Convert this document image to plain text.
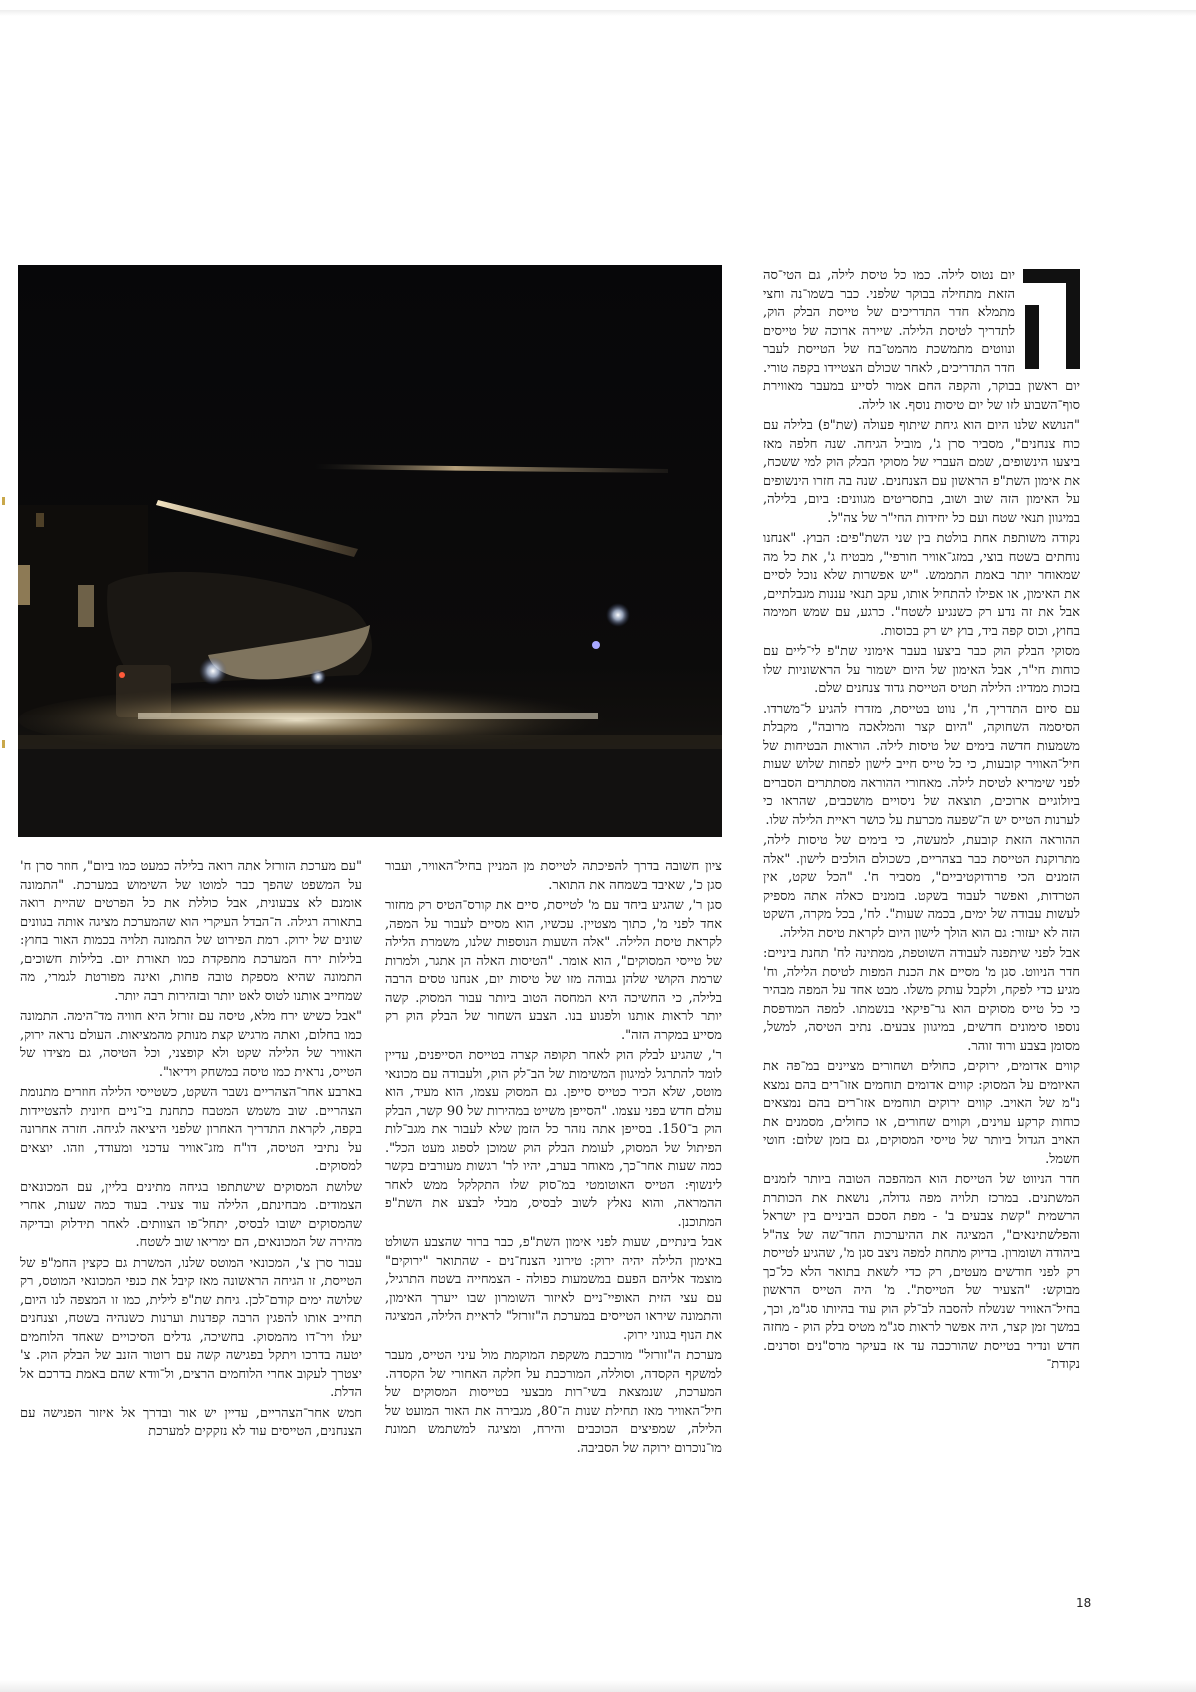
יום נטוס לילה. כמו כל טיסת לילה, גם הטי־סה הזאת מתחילה בבוקר שלפני. כבר בשמו־נה וחצי מתמלא חדר התדריכים של טייסת הבלק הוק, לתדריך לטיסת הלילה. שיירה ארוכה של טייסים ונווטים מתמשכת מהמט־בח של הטייסת לעבר חדר התדריכים, לאחר שכולם הצטיידו בקפה טורי. יום ראשון בבוקר, והקפה החם אמור לסייע במעבר מאווירת סוף־השבוע לזו של יום טיסות נוסף. או לילה.

"הנושא שלנו היום הוא גיחת שיתוף פעולה (שת"פ) בלילה עם כוח צנחנים", מסביר סרן ג', מוביל הגיחה. שנה חלפה מאז ביצעו הינשופים, שמם העברי של מסוקי הבלק הוק למי ששכח, את אימון השת"פ הראשון עם הצנחנים. שנה בה חזרו הינשופים על האימון הזה שוב ושוב, בתסריטים מגוונים: ביום, בלילה, במיגוון תנאי שטח ועם כל יחידות החי"ר של צה"ל.

נקודה משותפת אחת בולטת בין שני השת"פים: הבוץ. "אנחנו נוחתים בשטח בוצי, במזג־אוויר חורפי", מבטיח ג', את כל מה שמאוחר יותר באמת התממש. "יש אפשרות שלא נוכל לסיים את האימון, או אפילו להתחיל אותו, עקב תנאי עננות מגבלתיים, אבל את זה נדע רק כשנגיע לשטח". כרגע, עם שמש חמימה בחוץ, וכוס קפה ביד, בוץ יש רק בכוסות.

מסוקי הבלק הוק כבר ביצעו בעבר אימוני שת"פ לי־ליים עם כוחות חי"ר, אבל האימון של היום ישמור על הראשוניות שלו בזכות ממדיו: הלילה תטיס הטייסת גדוד צנחנים שלם.

עם סיום התדריך, ח', נווט בטייסת, מזדרז להגיע ל־משרדו. הסיסמה השחוקה, "היום קצר והמלאכה מרובה", מקבלת משמעות חדשה בימים של טיסות לילה. הוראות הבטיחות של חיל־האוויר קובעות, כי כל טייס חייב לישון לפחות שלוש שעות לפני שימריא לטיסת לילה. מאחורי ההוראה מסתתרים הסברים ביולוגיים ארוכים, תוצאה של ניסויים מושכבים, שהראו כי לערנות הטייס יש ה־שפעה מכרעת על כושר ראיית הלילה שלו.

ההוראה הזאת קובעת, למעשה, כי בימים של טיסות לילה, מתרוקנת הטייסת כבר בצהריים, כשכולם הולכים לישון. "אלה הזמנים הכי פרודוקטיביים", מסביר ח'. "הכל שקט, אין הטרדות, ואפשר לעבוד בשקט. בזמנים כאלה אתה מספיק לעשות עבודה של ימים, בכמה שעות". לח', בכל מקרה, השקט הזה לא יעזור: גם הוא הולך לישון היום לקראת טיסת הלילה.

אבל לפני שיתפנה לעבודה השוטפת, ממתינה לח' תחנת ביניים: חדר הניווט. סגן מ' מסיים את הכנת המפות לטיסת הלילה, וח' מגיע כדי לפקח, ולקבל עותק משלו. מבט אחד על המפה מבהיר כי כל טייס מסוקים הוא גר־פיקאי בנשמתו. למפה המודפסת נוספו סימונים חדשים, במיגוון צבעים. נתיב הטיסה, למשל, מסומן בצבע ורוד זוהר.

קווים אדומים, ירוקים, כחולים ושחורים מציינים במ־פה את האיומים על המסוק: קווים אדומים תוחמים אזו־רים בהם נמצא נ"מ של האויב. קווים ירוקים תוחמים אזו־רים בהם נמצאים כוחות קרקע עוינים, וקווים שחורים, או כחולים, מסמנים את האויב הגדול ביותר של טייסי המסוקים, גם בזמן שלום: חוטי חשמל.

חדר הניווט של הטייסת הוא המהפכה הטובה ביותר לזמנים המשתנים. במרכז תלויה מפה גדולה, נושאת את הכותרת הרשמית "קשת צבעים ב' - מפת הסכם הביניים בין ישראל והפלשתינאים", המציגה את ההיערכות החד־שה של צה"ל ביהודה ושומרון. בדיוק מתחת למפה ניצב סגן מ', שהגיע לטייסת רק לפני חודשים מעטים, רק כדי לשאת בתואר הלא כל־כך מבוקש: "הצעיר של הטייסת". מ' היה הטייס הראשון בחיל־האוויר שנשלח להסבה לב־לק הוק עוד בהיותו סג"מ, וכך, במשך זמן קצר, היה אפשר לראות סג"מ מטיס בלק הוק - מחזה חדש ונדיר בטייסת שהורכבה עד אז בעיקר מרס"נים וסרנים. נקודת־

ציון חשובה בדרך להפיכתה לטייסת מן המניין בחיל־האוויר, ועבור סגן כ', שאיבד בשמחה את התואר.

סגן ר', שהגיע ביחד עם מ' לטייסת, סיים את קורס־הטיס רק מחזור אחד לפני מ', כתוך מצטיין. עכשיו, הוא מסיים לעבור על המפה, לקראת טיסת הלילה. "אלה השעות הנוספות שלנו, משמרת הלילה של טייסי המסוקים", הוא אומר. "הטיסות האלה הן אתגר, ולמרות שרמת הקושי שלהן גבוהה מזו של טיסות יום, אנחנו טסים הרבה בלילה, כי החשיכה היא המחסה הטוב ביותר עבור המסוק. קשה יותר לראות אותנו ולפגוע בנו. הצבע השחור של הבלק הוק רק מסייע במקרה הזה".

ר', שהגיע לבלק הוק לאחר תקופה קצרה בטייסת הסייפנים, עדיין לומד להתרגל למיגוון המשימות של הב־לק הוק, ולעבודה עם מכונאי מוטס, שלא הכיר כטייס סייפן. גם המסוק עצמו, הוא מעיד, הוא עולם חדש בפני עצמו. "הסייפן משייט במהירות של 90 קשר, הבלק הוק ב־150. בסייפן אתה נזהר כל הזמן שלא לעבור את מגב־לות הפיתול של המסוק, לעומת הבלק הוק שמוכן לספוג מעט הכל". כמה שעות אחר־כך, מאוחר בערב, יהיו לר' רגשות מעורבים בקשר לינשוף: הטייס האוטומטי במ־סוק שלו התקלקל ממש לאחר ההמראה, והוא נאלץ לשוב לבסיס, מבלי לבצע את השת"פ המתוכנן.

אבל בינתיים, שעות לפני אימון השת"פ, כבר ברור שהצבע השולט באימון הלילה יהיה ירוק: טירוני הצנח־נים - שהתואר "ירוקים" מוצמד אליהם הפעם במשמעות כפולה - הצמחייה בשטח התרגיל, עם עצי הזית האופיי־ניים לאיזור השומרון שבו ייערך האימון, והתמונה שיראו הטייסים במערכת ה"זורזל" לראיית הלילה, המציגה את הנוף בגווני ירוק.

מערכת ה"זורזל" מורכבת משקפת המוקמת מול עיני הטייס, מעבר למשקף הקסדה, וסוללה, המורכבת על חלקה האחורי של הקסדה. המערכת, שנמצאת בשי־רות מבצעי בטייסות המסוקים של חיל־האוויר מאז תחילת שנות ה־80, מגבירה את האור המועט של הלילה, שמפיצים הכוכבים והירח, ומציגה למשתמש תמונת מו־נוכרום ירוקה של הסביבה.

"עם מערכת הזורזל אתה רואה בלילה כמעט כמו ביום", חוזר סרן ח' על המשפט שהפך כבר למוטו של השימוש במערכת. "התמונה אומנם לא צבעונית, אבל כוללת את כל הפרטים שהיית רואה בתאורה רגילה. ה־הבדל העיקרי הוא שהמערכת מציגה אותה בגוונים שונים של ירוק. רמת הפירוט של התמונה תלויה בכמות האור בחוץ: בלילות ירח המערכת מתפקדת כמו תאורת יום. בלילות חשוכים, התמונה שהיא מספקת טובה פחות, ואינה מפורטת לגמרי, מה שמחייב אותנו לטוס לאט יותר ובזהירות רבה יותר.

"אבל כשיש ירח מלא, טיסה עם זורזל היא חוויה מד־הימה. התמונה כמו בחלום, ואתה מרגיש קצת מנותק מהמציאות. העולם נראה ירוק, האוויר של הלילה שקט ולא קופצני, וכל הטיסה, גם מצידו של הטייס, נראית כמו טיסה במשחק וידיאו".

בארבע אחר־הצהריים נשבר השקט, כשטייסי הלילה חוזרים מתנומת הצהריים. שוב משמש המטבח כתחנת בי־ניים חיונית להצטיידות בקפה, לקראת התדריך האחרון שלפני היציאה לגיחה. חזרה אחרונה על נתיבי הטיסה, דו"ח מזג־אוויר עדכני ומעודד, וזהו. יוצאים למסוקים.

שלושת המסוקים שישתתפו בגיחה מתינים בליין, עם המכונאים הצמודים. מבחינתם, הלילה עוד צעיר. בעוד כמה שעות, אחרי שהמסוקים ישובו לבסיס, יתחל־פו הצוותים. לאחר תידלוק ובדיקה מהירה של המכונאים, הם ימריאו שוב לשטח.

עבור סרן צ', המכונאי המוטס שלנו, המשרת גם כקצין החמ"פ של הטייסת, זו הגיחה הראשונה מאז קיבל את כנפי המכונאי המוטס, רק שלושה ימים קודם־לכן. גיחת שת"פ לילית, כמו זו המצפה לנו היום, תחייב אותו להפגין הרבה קפדנות וערנות כשנהיה בשטח, וצנחנים יעלו ויר־דו מהמסוק. בחשיכה, גדלים הסיכויים שאחד הלוחמים יטעה בדרכו ויתקל בפגישה קשה עם רוטור הזנב של הבלק הוק. צ' יצטרך לעקוב אחרי הלוחמים הרצים, ול־וודא שהם באמת בדרכם אל הדלת.

חמש אחר־הצהריים, עדיין יש אור ובדרך אל איזור הפגישה עם הצנחנים, הטייסים עוד לא נזקקים למערכת

18
